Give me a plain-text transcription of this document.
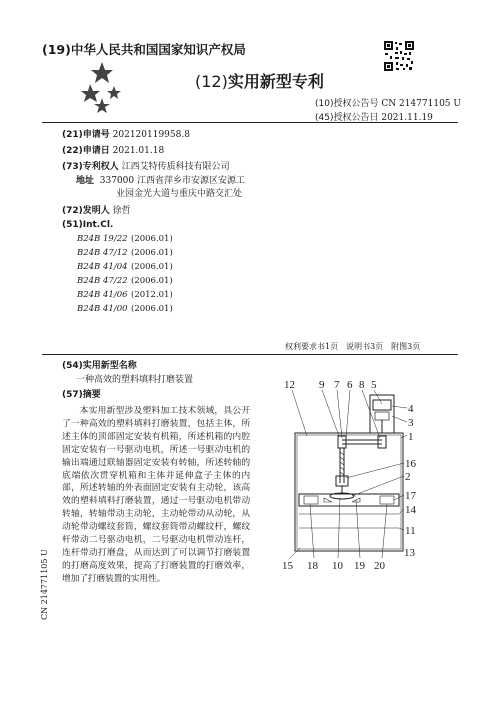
(19)中华人民共和国国家知识产权局
(12)实用新型专利
(10)授权公告号 CN 214771105 U
(45)授权公告日 2021.11.19
(21)申请号 202120119958.8
(22)申请日 2021.01.18
(73)专利权人 江西艾特传质科技有限公司
地址 337000 江西省萍乡市安源区安源工
业园金光大道与重庆中路交汇处
(72)发明人 徐哲
(51)Int.Cl.
B24B 19/22 (2006.01)
B24B 47/12 (2006.01)
B24B 41/04 (2006.01)
B24B 47/22 (2006.01)
B24B 41/06 (2012.01)
B24B 41/00 (2006.01)
权利要求书1页　说明书3页　附图3页
(54)实用新型名称
一种高效的塑料填料打磨装置
(57)摘要
本实用新型涉及塑料加工技术领域，具公开了一种高效的塑料填料打磨装置，包括主体，所述主体的顶部固定安装有机箱，所述机箱的内腔固定安装有一号驱动电机，所述一号驱动电机的输出端通过联轴器固定安装有转轴，所述转轴的底端依次贯穿机箱和主体并延伸盒子主体的内部，所述转轴的外表面固定安装有主动轮，该高效的塑料填料打磨装置，通过一号驱动电机带动转轴，转轴带动主动轮，主动轮带动从动轮，从动轮带动螺纹套筒，螺纹套筒带动螺纹杆，螺纹杆带动二号驱动电机，二号驱动电机带动连杆，连杆带动打磨盘，从而达到了可以调节打磨装置的打磨高度效果，提高了打磨装置的打磨效率，增加了打磨装置的实用性。
CN 214771105 U
12 9 7 6 8 5
4
3
1
16
2
17
14
11
15 18 10 19 20
13
